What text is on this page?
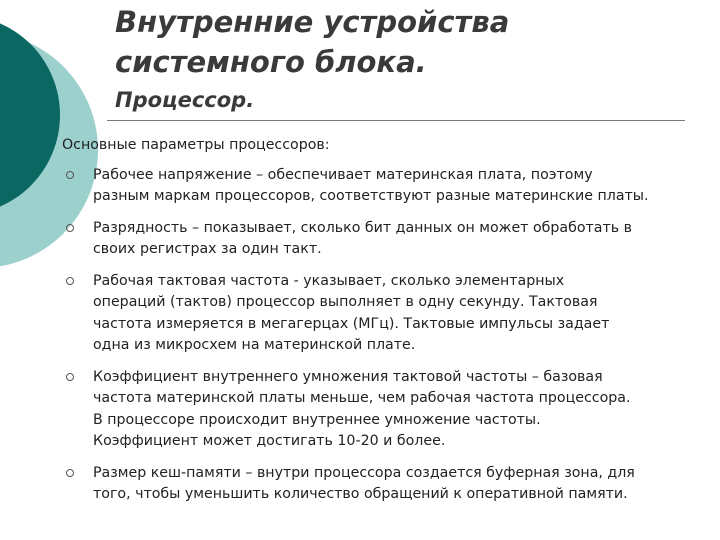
Внутренние устройства
системного блока.
Процессор.

Основные параметры процессоров:

Рабочее напряжение – обеспечивает материнская плата, поэтому
разным маркам процессоров, соответствуют разные материнские платы.
Разрядность – показывает, сколько бит данных он может обработать в
своих регистрах за один такт.
Рабочая тактовая частота - указывает, сколько элементарных
операций (тактов) процессор выполняет в одну секунду. Тактовая
частота измеряется в мегагерцах (МГц). Тактовые импульсы задает
одна из микросхем на материнской плате.
Коэффициент внутреннего умножения тактовой частоты – базовая
частота материнской платы меньше, чем рабочая частота процессора.
В процессоре происходит внутреннее умножение частоты.
Коэффициент может достигать 10-20 и более.
Размер кеш-памяти – внутри процессора создается буферная зона, для
того, чтобы уменьшить количество обращений к оперативной памяти.
